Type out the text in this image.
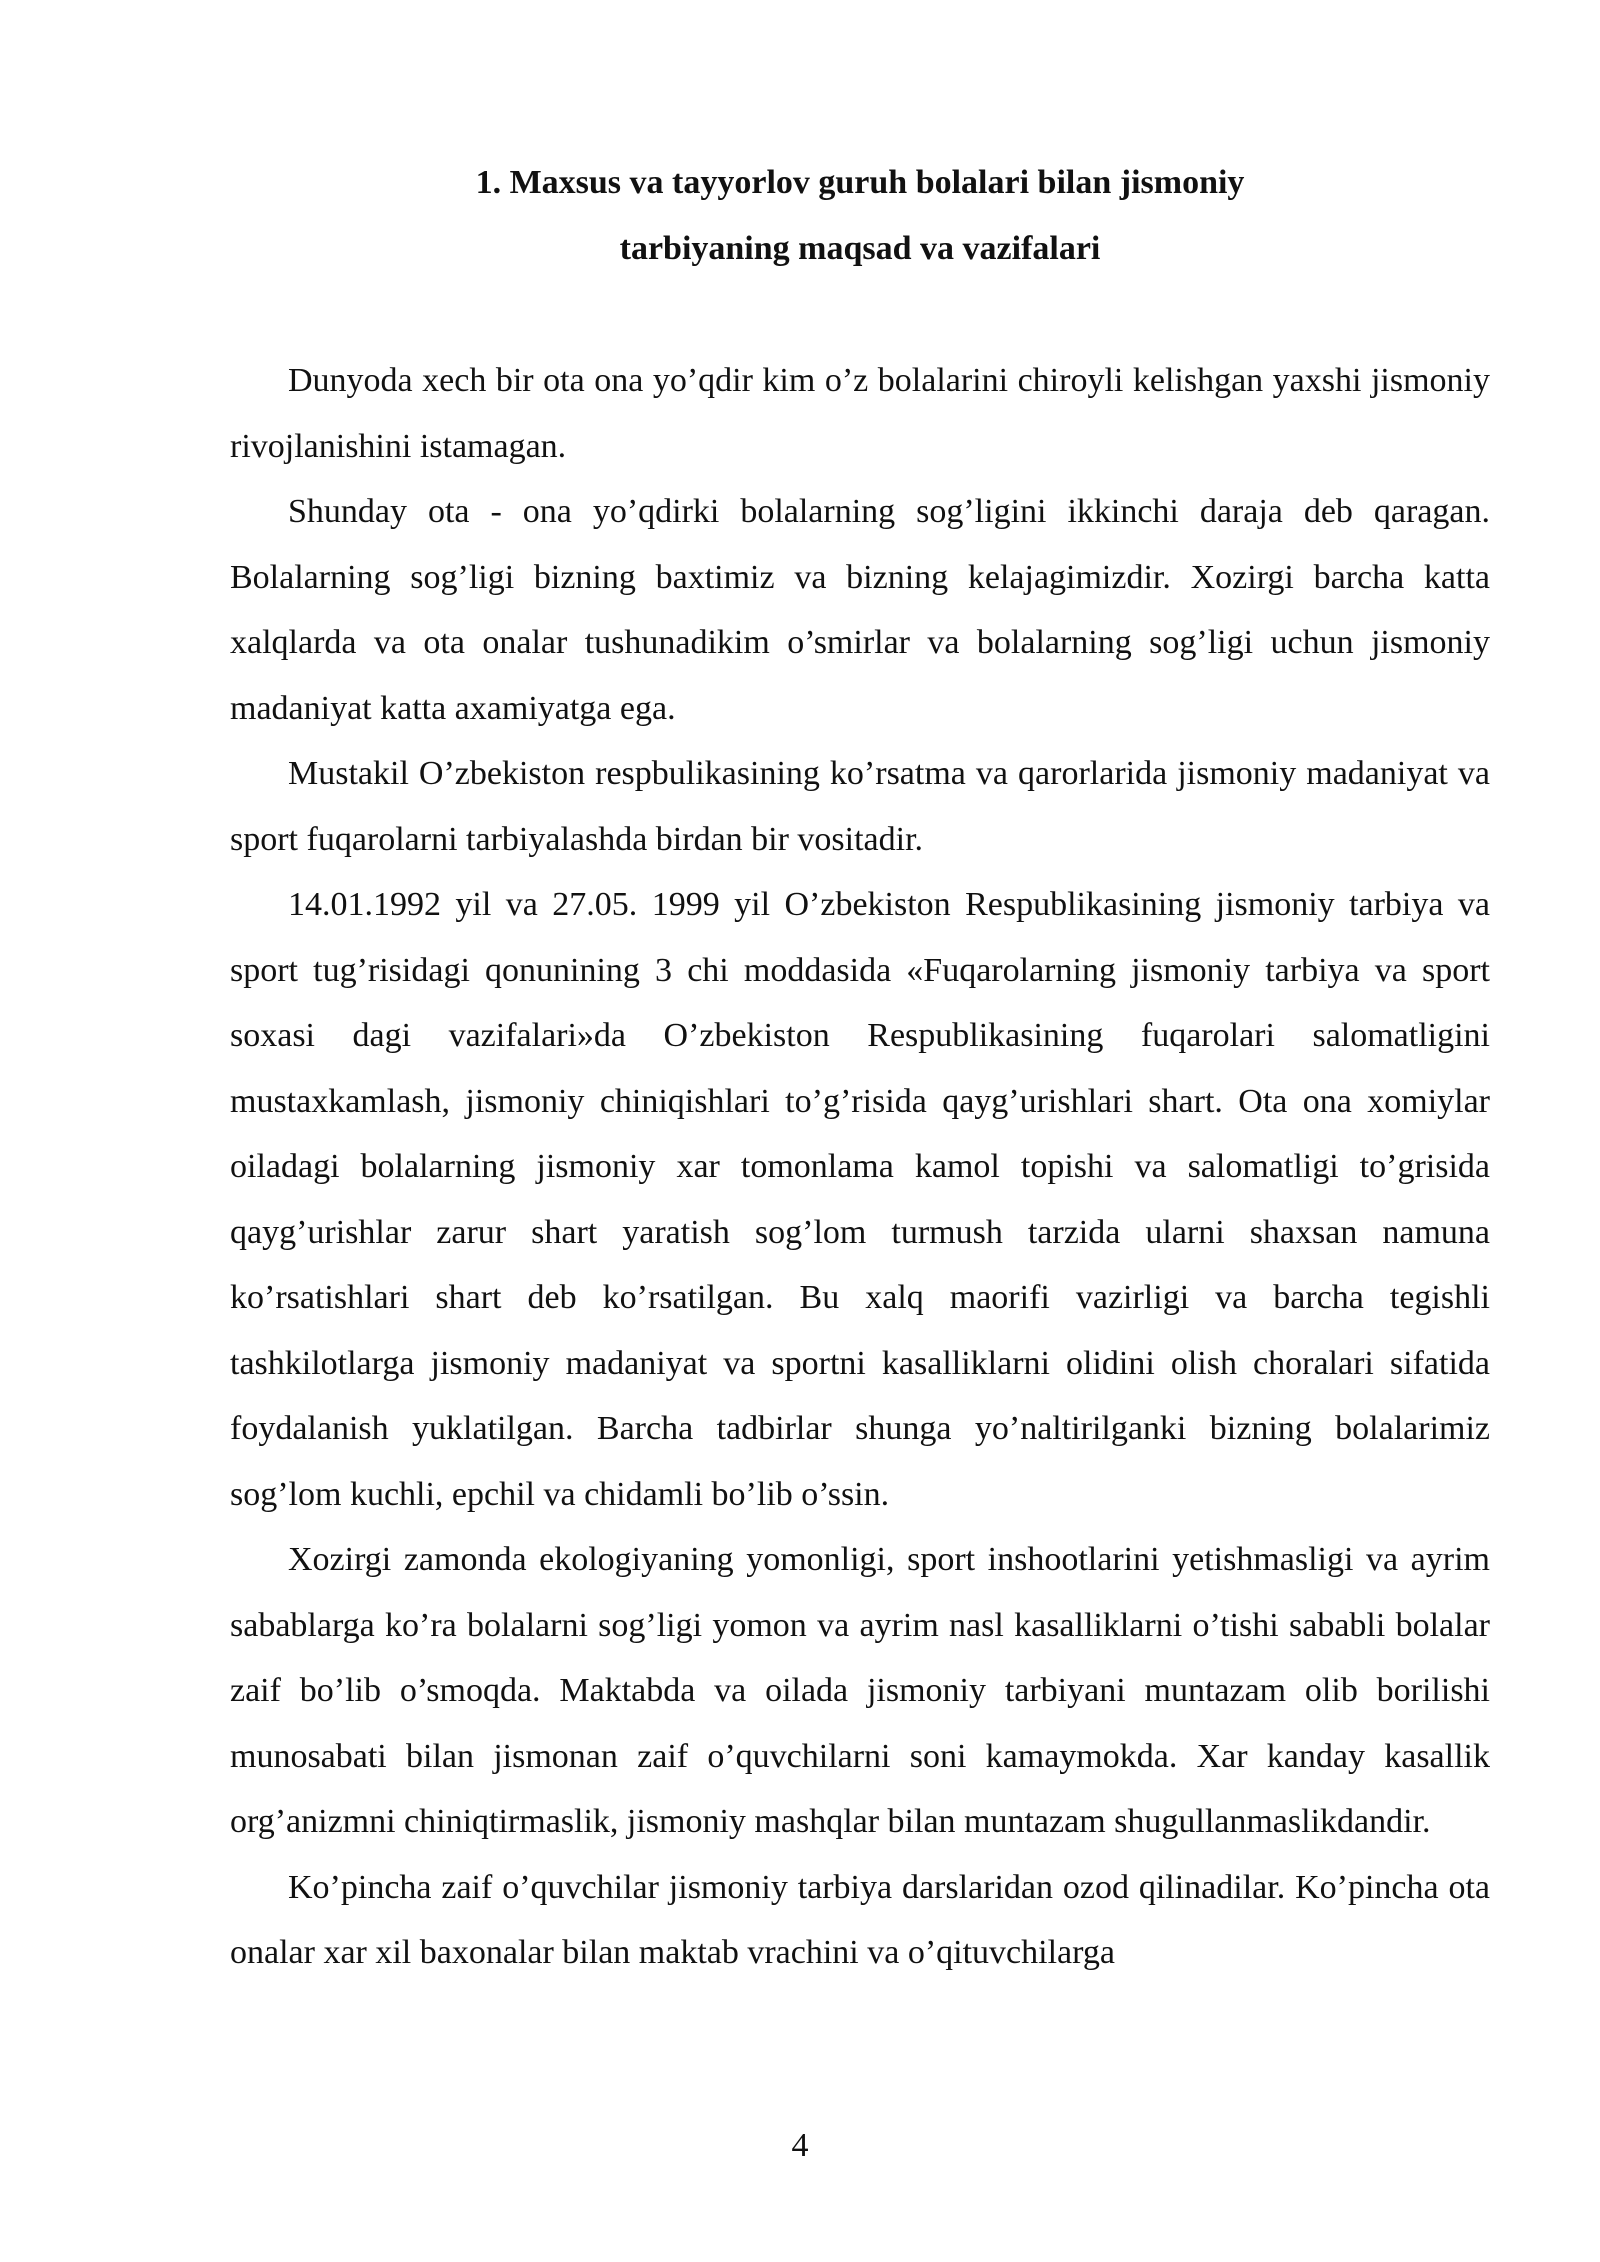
1. Maxsus va tayyorlov guruh bolalari bilan jismoniy
tarbiyaning maqsad va vazifalari

Dunyoda xech bir ota ona yo’qdir kim o’z bolalarini chiroyli kelishgan yaxshi jismoniy rivojlanishini istamagan.

Shunday ota - ona yo’qdirki bolalarning sog’ligini ikkinchi daraja deb qaragan. Bolalarning sog’ligi bizning baxtimiz va bizning kelajagimizdir. Xozirgi barcha katta xalqlarda va ota onalar tushunadikim o’smirlar va bolalarning sog’ligi uchun jismoniy madaniyat katta axamiyatga ega.

Mustakil O’zbekiston respbulikasining ko’rsatma va qarorlarida jismoniy madaniyat va sport fuqarolarni tarbiyalashda birdan bir vositadir.

14.01.1992 yil va 27.05. 1999 yil O’zbekiston Respublikasining jismoniy tarbiya va sport tug’risidagi qonunining 3 chi moddasida «Fuqarolarning jismoniy tarbiya va sport soxasi dagi vazifalari»da O’zbekiston Respublikasining fuqarolari salomatligini mustaxkamlash, jismoniy chiniqishlari to’g’risida qayg’urishlari shart. Ota ona xomiylar oiladagi bolalarning jismoniy xar tomonlama kamol topishi va salomatligi to’grisida qayg’urishlar zarur shart yaratish sog’lom turmush tarzida ularni shaxsan namuna ko’rsatishlari shart deb ko’rsatilgan. Bu xalq maorifi vazirligi va barcha tegishli tashkilotlarga jismoniy madaniyat va sportni kasalliklarni olidini olish choralari sifatida foydalanish yuklatilgan. Barcha tadbirlar shunga yo’naltirilganki bizning bolalarimiz sog’lom kuchli, epchil va chidamli bo’lib o’ssin.

Xozirgi zamonda ekologiyaning yomonligi, sport inshootlarini yetishmasligi va ayrim sabablarga ko’ra bolalarni sog’ligi yomon va ayrim nasl kasalliklarni o’tishi sababli bolalar zaif bo’lib o’smoqda. Maktabda va oilada jismoniy tarbiyani muntazam olib borilishi munosabati bilan jismonan zaif o’quvchilarni soni kamaymokda. Xar kanday kasallik org’anizmni chiniqtirmaslik, jismoniy mashqlar bilan muntazam shugullanmaslikdandir.

Ko’pincha zaif o’quvchilar jismoniy tarbiya darslaridan ozod qilinadilar. Ko’pincha ota onalar xar xil baxonalar bilan maktab vrachini va o’qituvchilarga

4
